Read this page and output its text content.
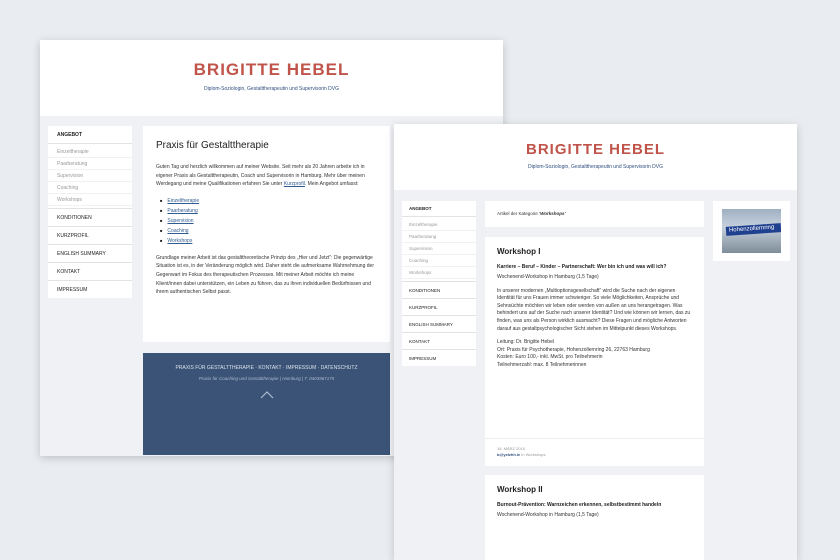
BRIGITTE HEBEL
Diplom-Soziologin, Gestalttherapeutin und Supervisorin DVG
ANGEBOT
Einzeltherapie
Paarberatung
Supervision
Coaching
Workshops
KONDITIONEN
KURZPROFIL
ENGLISH SUMMARY
KONTAKT
IMPRESSUM
Praxis für Gestalttherapie

Guten Tag und herzlich willkommen auf meiner Website. Seit mehr als 20 Jahren arbeite ich in eigener Praxis als Gestalttherapeutin, Coach und Supervisorin in Hamburg. Mehr über meinen Werdegang und meine Qualifikationen erfahren Sie unter Kurzprofil. Mein Angebot umfasst:

■ Einzeltherapie
■ Paarberatung
■ Supervision
■ Coaching
■ Workshops

Grundlage meiner Arbeit ist das gestalttheoretische Prinzip des „Hier und Jetzt“: Die gegenwärtige Situation ist es, in der Veränderung möglich wird. Daher steht die aufmerksame Wahrnehmung der Gegenwart im Fokus des therapeutischen Prozesses. Mit meiner Arbeit möchte ich meine Klient/innen dabei unterstützen, ein Leben zu führen, das zu ihren individuellen Bedürfnissen und ihrem authentischen Selbst passt.

PRAXIS FÜR GESTALTTHERAPIE · KONTAKT · IMPRESSUM · DATENSCHUTZ
Praxis für Coaching und Gestalttherapie | Hamburg | T. 0403967175
BRIGITTE HEBEL
Diplom-Soziologin, Gestalttherapeutin und Supervisorin DVG
ANGEBOT
Einzeltherapie
Paarberatung
Supervision
Coaching
Workshops
KONDITIONEN
KURZPROFIL
ENGLISH SUMMARY
KONTAKT
IMPRESSUM
Artikel der Kategorie 'Workshops'
Hohenzollernring
Workshop I
Karriere – Beruf – Kinder – Partnerschaft: Wer bin ich und was will ich?
Wochenend-Workshop in Hamburg (1,5 Tage)
In unserer modernen „Multioptionsgesellschaft“ wird die Suche nach der eigenen Identität für uns Frauen immer schwieriger. So viele Möglichkeiten, Ansprüche und Sehnsüchte möchten wir leben oder werden von außen an uns herangetragen. Was behindert uns auf der Suche nach unserer Identität? Und wie können wir lernen, das zu finden, was uns als Person wirklich ausmacht? Diese Fragen und mögliche Antworten darauf aus gestaltpsychologischer Sicht stehen im Mittelpunkt dieses Workshops.
Leitung: Dr. Brigitte Hebel
Ort: Praxis für Psychotherapie, Hohenzollernring 26, 22763 Hamburg
Kosten: Euro 100,- inkl. MwSt. pro Teilnehmerin
Teilnehmerzahl: max. 8 Teilnehmerinnen
16. MÄRZ 2015
b@yelzhh.le in Workshops
Workshop II
Burnout-Prävention: Warnzeichen erkennen, selbstbestimmt handeln
Wochenend-Workshop in Hamburg (1,5 Tage)
